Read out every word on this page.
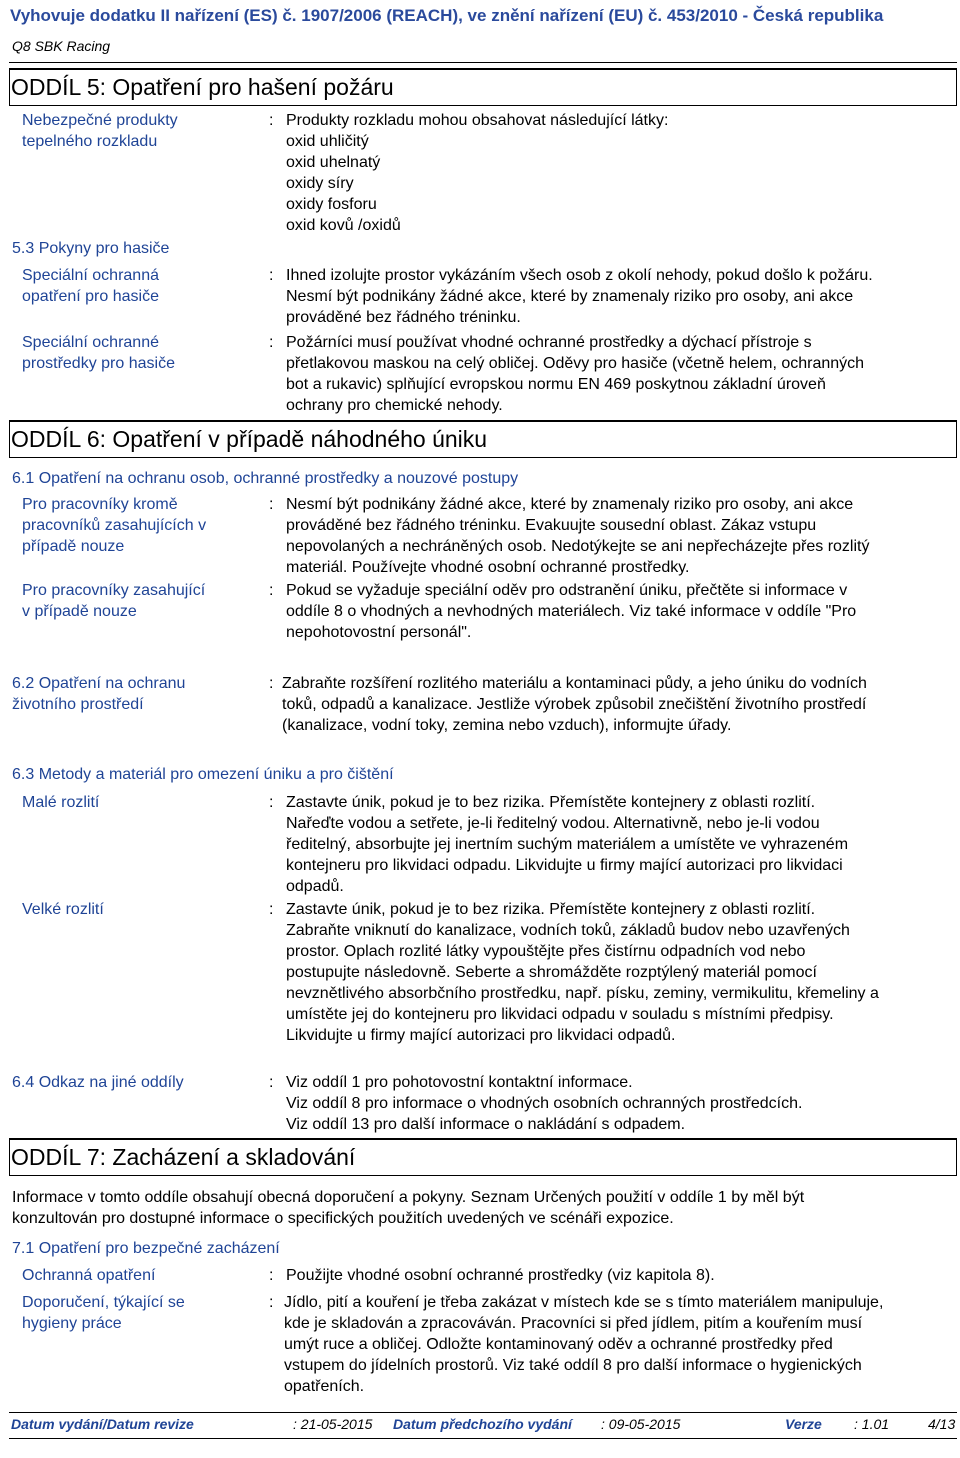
Vyhovuje dodatku II nařízení (ES) č. 1907/2006 (REACH), ve znění nařízení (EU) č. 453/2010 - Česká republika
Q8 SBK Racing
ODDÍL 5: Opatření pro hašení požáru
Nebezpečné produkty
tepelného rozkladu
: Produkty rozkladu mohou obsahovat následující látky:
oxid uhličitý
oxid uhelnatý
oxidy síry
oxidy fosforu
oxid kovů /oxidů
5.3 Pokyny pro hasiče
Speciální ochranná
opatření pro hasiče
: Ihned izolujte prostor vykázáním všech osob z okolí nehody, pokud došlo k požáru.
Nesmí být podnikány žádné akce, které by znamenaly riziko pro osoby, ani akce
prováděné bez řádného tréninku.
Speciální ochranné
prostředky pro hasiče
: Požárníci musí používat vhodné ochranné prostředky a dýchací přístroje s
přetlakovou maskou na celý obličej. Oděvy pro hasiče (včetně helem, ochranných
bot a rukavic) splňující evropskou normu EN 469 poskytnou základní úroveň
ochrany pro chemické nehody.
ODDÍL 6: Opatření v případě náhodného úniku
6.1 Opatření na ochranu osob, ochranné prostředky a nouzové postupy
Pro pracovníky kromě
pracovníků zasahujících v
případě nouze
: Nesmí být podnikány žádné akce, které by znamenaly riziko pro osoby, ani akce
prováděné bez řádného tréninku. Evakuujte sousední oblast. Zákaz vstupu
nepovolaných a nechráněných osob. Nedotýkejte se ani nepřecházejte přes rozlitý
materiál. Používejte vhodné osobní ochranné prostředky.
Pro pracovníky zasahující
v případě nouze
: Pokud se vyžaduje speciální oděv pro odstranění úniku, přečtěte si informace v
oddíle 8 o vhodných a nevhodných materiálech. Viz také informace v oddíle "Pro
nepohotovostní personál".
6.2 Opatření na ochranu
životního prostředí
: Zabraňte rozšíření rozlitého materiálu a kontaminaci půdy, a jeho úniku do vodních
toků, odpadů a kanalizace. Jestliže výrobek způsobil znečištění životního prostředí
(kanalizace, vodní toky, zemina nebo vzduch), informujte úřady.
6.3 Metody a materiál pro omezení úniku a pro čištění
Malé rozlití	: Zastavte únik, pokud je to bez rizika. Přemístěte kontejnery z oblasti rozlití.
Nařeďte vodou a setřete, je-li ředitelný vodou. Alternativně, nebo je-li vodou
ředitelný, absorbujte jej inertním suchým materiálem a umístěte ve vyhrazeném
kontejneru pro likvidaci odpadu. Likvidujte u firmy mající autorizaci pro likvidaci
odpadů.
Velké rozlití	: Zastavte únik, pokud je to bez rizika. Přemístěte kontejnery z oblasti rozlití.
Zabraňte vniknutí do kanalizace, vodních toků, základů budov nebo uzavřených
prostor. Oplach rozlité látky vypouštějte přes čistírnu odpadních vod nebo
postupujte následovně. Seberte a shromážděte rozptýlený materiál pomocí
nevznětlivého absorbčního prostředku, např. písku, zeminy, vermikulitu, křemeliny a
umístěte jej do kontejneru pro likvidaci odpadu v souladu s místními předpisy.
Likvidujte u firmy mající autorizaci pro likvidaci odpadů.
6.4 Odkaz na jiné oddíly	: Viz oddíl 1 pro pohotovostní kontaktní informace.
Viz oddíl 8 pro informace o vhodných osobních ochranných prostředcích.
Viz oddíl 13 pro další informace o nakládání s odpadem.
ODDÍL 7: Zacházení a skladování
Informace v tomto oddíle obsahují obecná doporučení a pokyny. Seznam Určených použití v oddíle 1 by měl být
konzultován pro dostupné informace o specifických použitích uvedených ve scénáři expozice.
7.1 Opatření pro bezpečné zacházení
Ochranná opatření	: Použijte vhodné osobní ochranné prostředky (viz kapitola 8).
Doporučení, týkající se
hygieny práce
: Jídlo, pití a kouření je třeba zakázat v místech kde se s tímto materiálem manipuluje,
kde je skladován a zpracováván. Pracovníci si před jídlem, pitím a kouřením musí
umýt ruce a obličej. Odložte kontaminovaný oděv a ochranné prostředky před
vstupem do jídelních prostorů. Viz také oddíl 8 pro další informace o hygienických
opatřeních.
Datum vydání/Datum revize	: 21-05-2015 Datum předchozího vydání : 09-05-2015	Verze : 1.01	4/13
